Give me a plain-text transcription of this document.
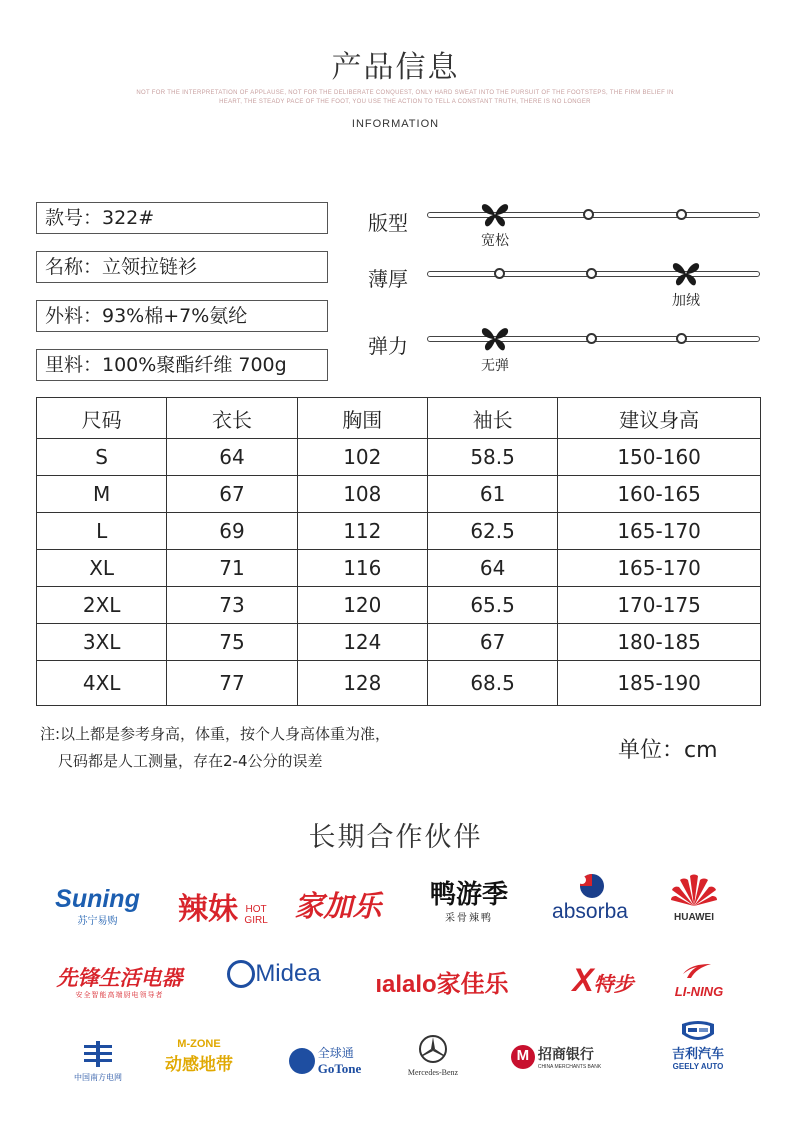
产品信息
NOT FOR THE INTERPRETATION OF APPLAUSE, NOT FOR THE DELIBERATE CONQUEST, ONLY HARD SWEAT INTO THE PURSUIT OF THE FOOTSTEPS, THE FIRM BELIEF IN
HEART, THE STEADY PACE OF THE FOOT, YOU USE THE ACTION TO TELL A CONSTANT TRUTH, THERE IS NO LONGER
INFORMATION
款号：322#
名称：立领拉链衫
外料：93%棉+7%氨纶
里料：100%聚酯纤维 700g
版型
宽松
薄厚
加绒
弹力
无弹
尺码	衣长	胸围	袖长	建议身高
S	64	102	58.5	150-160
M	67	108	61	160-165
L	69	112	62.5	165-170
XL	71	116	64	165-170
2XL	73	120	65.5	170-175
3XL	75	124	67	180-185
4XL	77	128	68.5	185-190
注:以上都是参考身高，体重，按个人身高体重为准，
尺码都是人工测量，存在2-4公分的误差	单位：cm
长期合作伙伴
Suning
苏宁易购	辣妹 HOT GIRL 家加乐	鸭游季
采骨辣鸭	absorba	HUAWEI
先锋生活电器
安全智能高端厨电领导者
Midea	ıalalo家佳乐	X特步	LI-NING
中国南方电网
M-ZONE
动感地带
全球通
GoTone	Mercedes-Benz
M 招商银行
CHINA MERCHANTS BANK
吉利汽车
GEELY AUTO
